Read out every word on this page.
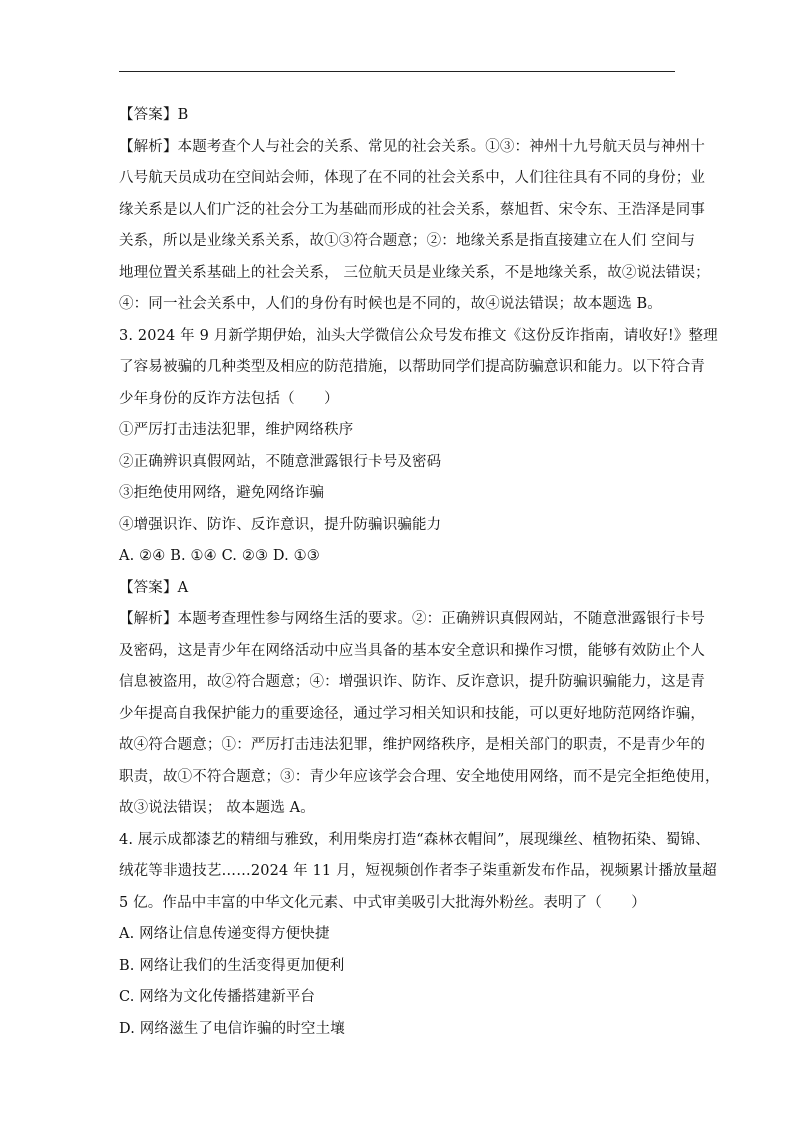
【答案】B
【解析】本题考查个人与社会的关系、常见的社会关系。①③：神州十九号航天员与神州十
八号航天员成功在空间站会师，体现了在不同的社会关系中，人们往往具有不同的身份；业
缘关系是以人们广泛的社会分工为基础而形成的社会关系，蔡旭哲、宋令东、王浩泽是同事
关系，所以是业缘关系关系，故①③符合题意；②：地缘关系是指直接建立在人们 空间与
地理位置关系基础上的社会关系， 三位航天员是业缘关系，不是地缘关系，故②说法错误；
④：同一社会关系中，人们的身份有时候也是不同的，故④说法错误；故本题选 B。
3. 2024 年 9 月新学期伊始，汕头大学微信公众号发布推文《这份反诈指南，请收好!》整理
了容易被骗的几种类型及相应的防范措施，以帮助同学们提高防骗意识和能力。以下符合青
少年身份的反诈方法包括（　　）
①严厉打击违法犯罪，维护网络秩序
②正确辨识真假网站，不随意泄露银行卡号及密码
③拒绝使用网络，避免网络诈骗
④增强识诈、防诈、反诈意识，提升防骗识骗能力
A. ②④ B. ①④ C. ②③ D. ①③
【答案】A
【解析】本题考查理性参与网络生活的要求。②：正确辨识真假网站，不随意泄露银行卡号
及密码，这是青少年在网络活动中应当具备的基本安全意识和操作习惯，能够有效防止个人
信息被盗用，故②符合题意；④：增强识诈、防诈、反诈意识，提升防骗识骗能力，这是青
少年提高自我保护能力的重要途径，通过学习相关知识和技能，可以更好地防范网络诈骗，
故④符合题意；①：严厉打击违法犯罪，维护网络秩序，是相关部门的职责，不是青少年的
职责，故①不符合题意；③：青少年应该学会合理、安全地使用网络，而不是完全拒绝使用，
故③说法错误； 故本题选 A。
4. 展示成都漆艺的精细与雅致，利用柴房打造“森林衣帽间”，展现缫丝、植物拓染、蜀锦、
绒花等非遗技艺……2024 年 11 月，短视频创作者李子柒重新发布作品，视频累计播放量超
5 亿。作品中丰富的中华文化元素、中式审美吸引大批海外粉丝。表明了（　　）
A. 网络让信息传递变得方便快捷
B. 网络让我们的生活变得更加便利
C. 网络为文化传播搭建新平台
D. 网络滋生了电信诈骗的时空土壤
